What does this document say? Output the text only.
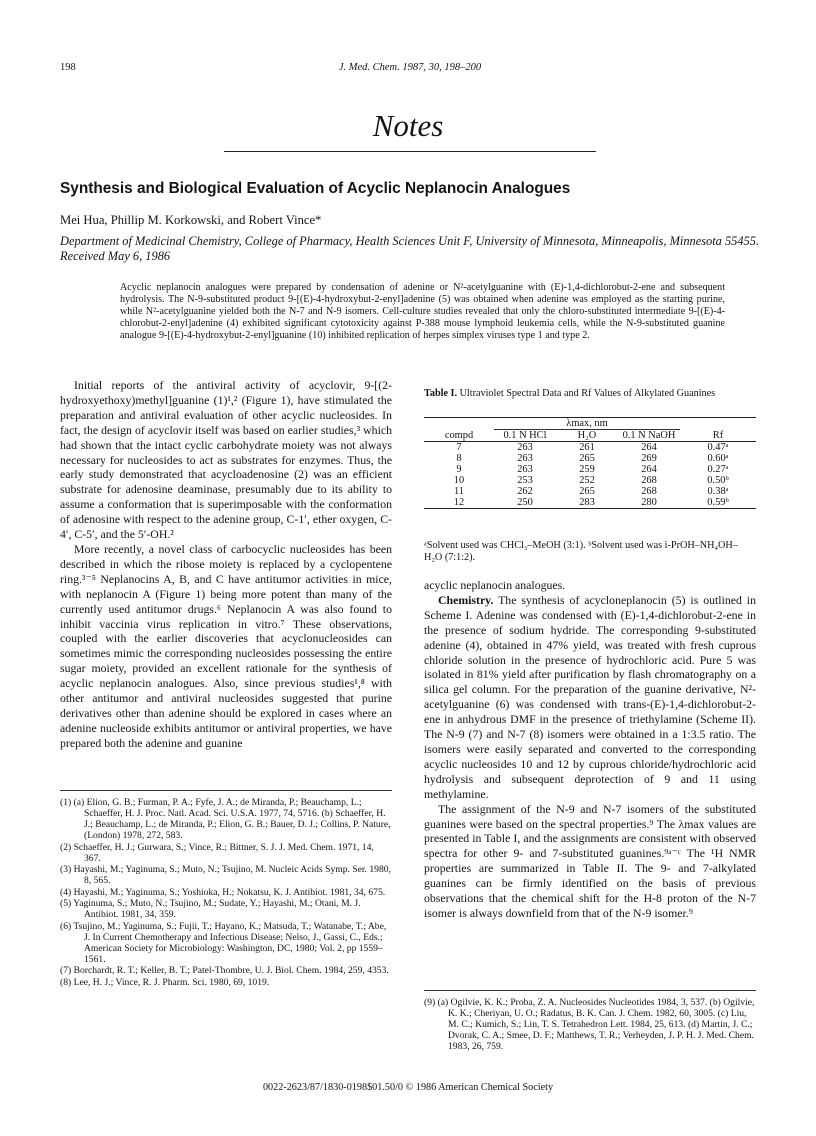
198	J. Med. Chem. 1987, 30, 198–200
Notes
Synthesis and Biological Evaluation of Acyclic Neplanocin Analogues
Mei Hua, Phillip M. Korkowski, and Robert Vince*
Department of Medicinal Chemistry, College of Pharmacy, Health Sciences Unit F, University of Minnesota, Minneapolis, Minnesota 55455. Received May 6, 1986
Acyclic neplanocin analogues were prepared by condensation of adenine or N²-acetylguanine with (E)-1,4-dichlorobut-2-ene and subsequent hydrolysis. The N-9-substituted product 9-[(E)-4-hydroxybut-2-enyl]adenine (5) was obtained when adenine was employed as the starting purine, while N²-acetylguanine yielded both the N-7 and N-9 isomers. Cell-culture studies revealed that only the chloro-substituted intermediate 9-[(E)-4-chlorobut-2-enyl]adenine (4) exhibited significant cytotoxicity against P-388 mouse lymphoid leukemia cells, while the N-9-substituted guanine analogue 9-[(E)-4-hydroxybut-2-enyl]guanine (10) inhibited replication of herpes simplex viruses type 1 and type 2.

Initial reports of the antiviral activity of acyclovir, 9-[(2-hydroxyethoxy)methyl]guanine (1)¹,² (Figure 1), have stimulated the preparation and antiviral evaluation of other acyclic nucleosides. In fact, the design of acyclovir itself was based on earlier studies,³ which had shown that the intact cyclic carbohydrate moiety was not always necessary for nucleosides to act as substrates for enzymes. Thus, the early study demonstrated that acycloadenosine (2) was an efficient substrate for adenosine deaminase, presumably due to its ability to assume a conformation that is superimposable with the conformation of adenosine with respect to the adenine group, C-1′, ether oxygen, C-4′, C-5′, and the 5′-OH.²

More recently, a novel class of carbocyclic nucleosides has been described in which the ribose moiety is replaced by a cyclopentene ring.³⁻⁵ Neplanocins A, B, and C have antitumor activities in mice, with neplanocin A (Figure 1) being more potent than many of the currently used antitumor drugs.⁶ Neplanocin A was also found to inhibit vaccinia virus replication in vitro.⁷ These observations, coupled with the earlier discoveries that acyclonucleosides can sometimes mimic the corresponding nucleosides possessing the entire sugar moiety, provided an excellent rationale for the synthesis of acyclic neplanocin analogues. Also, since previous studies¹,⁸ with other antitumor and antiviral nucleosides suggested that purine derivatives other than adenine should be explored in cases where an adenine nucleoside exhibits antitumor or antiviral properties, we have prepared both the adenine and guanine

(1) (a) Elion, G. B.; Furman, P. A.; Fyfe, J. A.; de Miranda, P.; Beauchamp, L.; Schaeffer, H. J. Proc. Natl. Acad. Sci. U.S.A. 1977, 74, 5716. (b) Schaeffer, H. J.; Beauchamp, L.; de Miranda, P.; Elion, G. B.; Bauer, D. J.; Collins, P. Nature, (London) 1978, 272, 583.
(2) Schaeffer, H. J.; Gurwara, S.; Vince, R.; Bittner, S. J. J. Med. Chem. 1971, 14, 367.
(3) Hayashi, M.; Yaginuma, S.; Muto, N.; Tsujino, M. Nucleic Acids Symp. Ser. 1980, 8, 565.
(4) Hayashi, M.; Yaginuma, S.; Yoshioka, H.; Nokatsu, K. J. Antibiot. 1981, 34, 675.
(5) Yaginuma, S.; Muto, N.; Tsujino, M.; Sudate, Y.; Hayashi, M.; Otani, M. J. Antibiot. 1981, 34, 359.
(6) Tsujino, M.; Yaginuma, S.; Fujii, T.; Hayano, K.; Matsuda, T.; Watanabe, T.; Abe, J. In Current Chemotherapy and Infectious Disease; Nelso, J., Gassi, C., Eds.; American Society for Microbiology: Washington, DC, 1980; Vol. 2, pp 1559–1561.
(7) Borchardt, R. T.; Keller, B. T.; Patel-Thombre, U. J. Biol. Chem. 1984, 259, 4353.
(8) Lee, H. J.; Vince, R. J. Pharm. Sci. 1980, 69, 1019.
Table I. Ultraviolet Spectral Data and Rf Values of Alkylated Guanines
	λmax, nm			
compd	0.1 N HCl	H₂O	0.1 N NaOH	Rf
7	263	261	264	0.47ᵃ
8	263	265	269	0.60ᵃ
9	263	259	264	0.27ᵃ
10	253	252	268	0.50ᵇ
11	262	265	268	0.38ᵃ
12	250	283	280	0.59ᵇ
ᵃSolvent used was CHCl₃–MeOH (3:1). ᵇSolvent used was i-PrOH–NH₄OH–H₂O (7:1:2).

acyclic neplanocin analogues.

Chemistry. The synthesis of acycloneplanocin (5) is outlined in Scheme I. Adenine was condensed with (E)-1,4-dichlorobut-2-ene in the presence of sodium hydride. The corresponding 9-substituted adenine (4), obtained in 47% yield, was treated with fresh cuprous chloride solution in the presence of hydrochloric acid. Pure 5 was isolated in 81% yield after purification by flash chromatography on a silica gel column. For the preparation of the guanine derivative, N²-acetylguanine (6) was condensed with trans-(E)-1,4-dichlorobut-2-ene in anhydrous DMF in the presence of triethylamine (Scheme II). The N-9 (7) and N-7 (8) isomers were obtained in a 1:3.5 ratio. The isomers were easily separated and converted to the corresponding acyclic nucleosides 10 and 12 by cuprous chloride/hydrochloric acid hydrolysis and subsequent deprotection of 9 and 11 using methylamine.

The assignment of the N-9 and N-7 isomers of the substituted guanines were based on the spectral properties.⁹ The λmax values are presented in Table I, and the assignments are consistent with observed spectra for other 9- and 7-substituted guanines.⁹ᵃ⁻ᶜ The ¹H NMR properties are summarized in Table II. The 9- and 7-alkylated guanines can be firmly identified on the basis of previous observations that the chemical shift for the H-8 proton of the N-7 isomer is always downfield from that of the N-9 isomer.⁹

(9) (a) Ogilvie, K. K.; Proba, Z. A. Nucleosides Nucleotides 1984, 3, 537. (b) Ogilvie, K. K.; Cheriyan, U. O.; Radatus, B. K. Can. J. Chem. 1982, 60, 3005. (c) Liu, M. C.; Kumich, S.; Lin, T. S. Tetrahedron Lett. 1984, 25, 613. (d) Martin, J. C.; Dvorak, C. A.; Smee, D. F.; Matthews, T. R.; Verheyden, J. P. H. J. Med. Chem. 1983, 26, 759.
0022-2623/87/1830-0198$01.50/0 © 1986 American Chemical Society
